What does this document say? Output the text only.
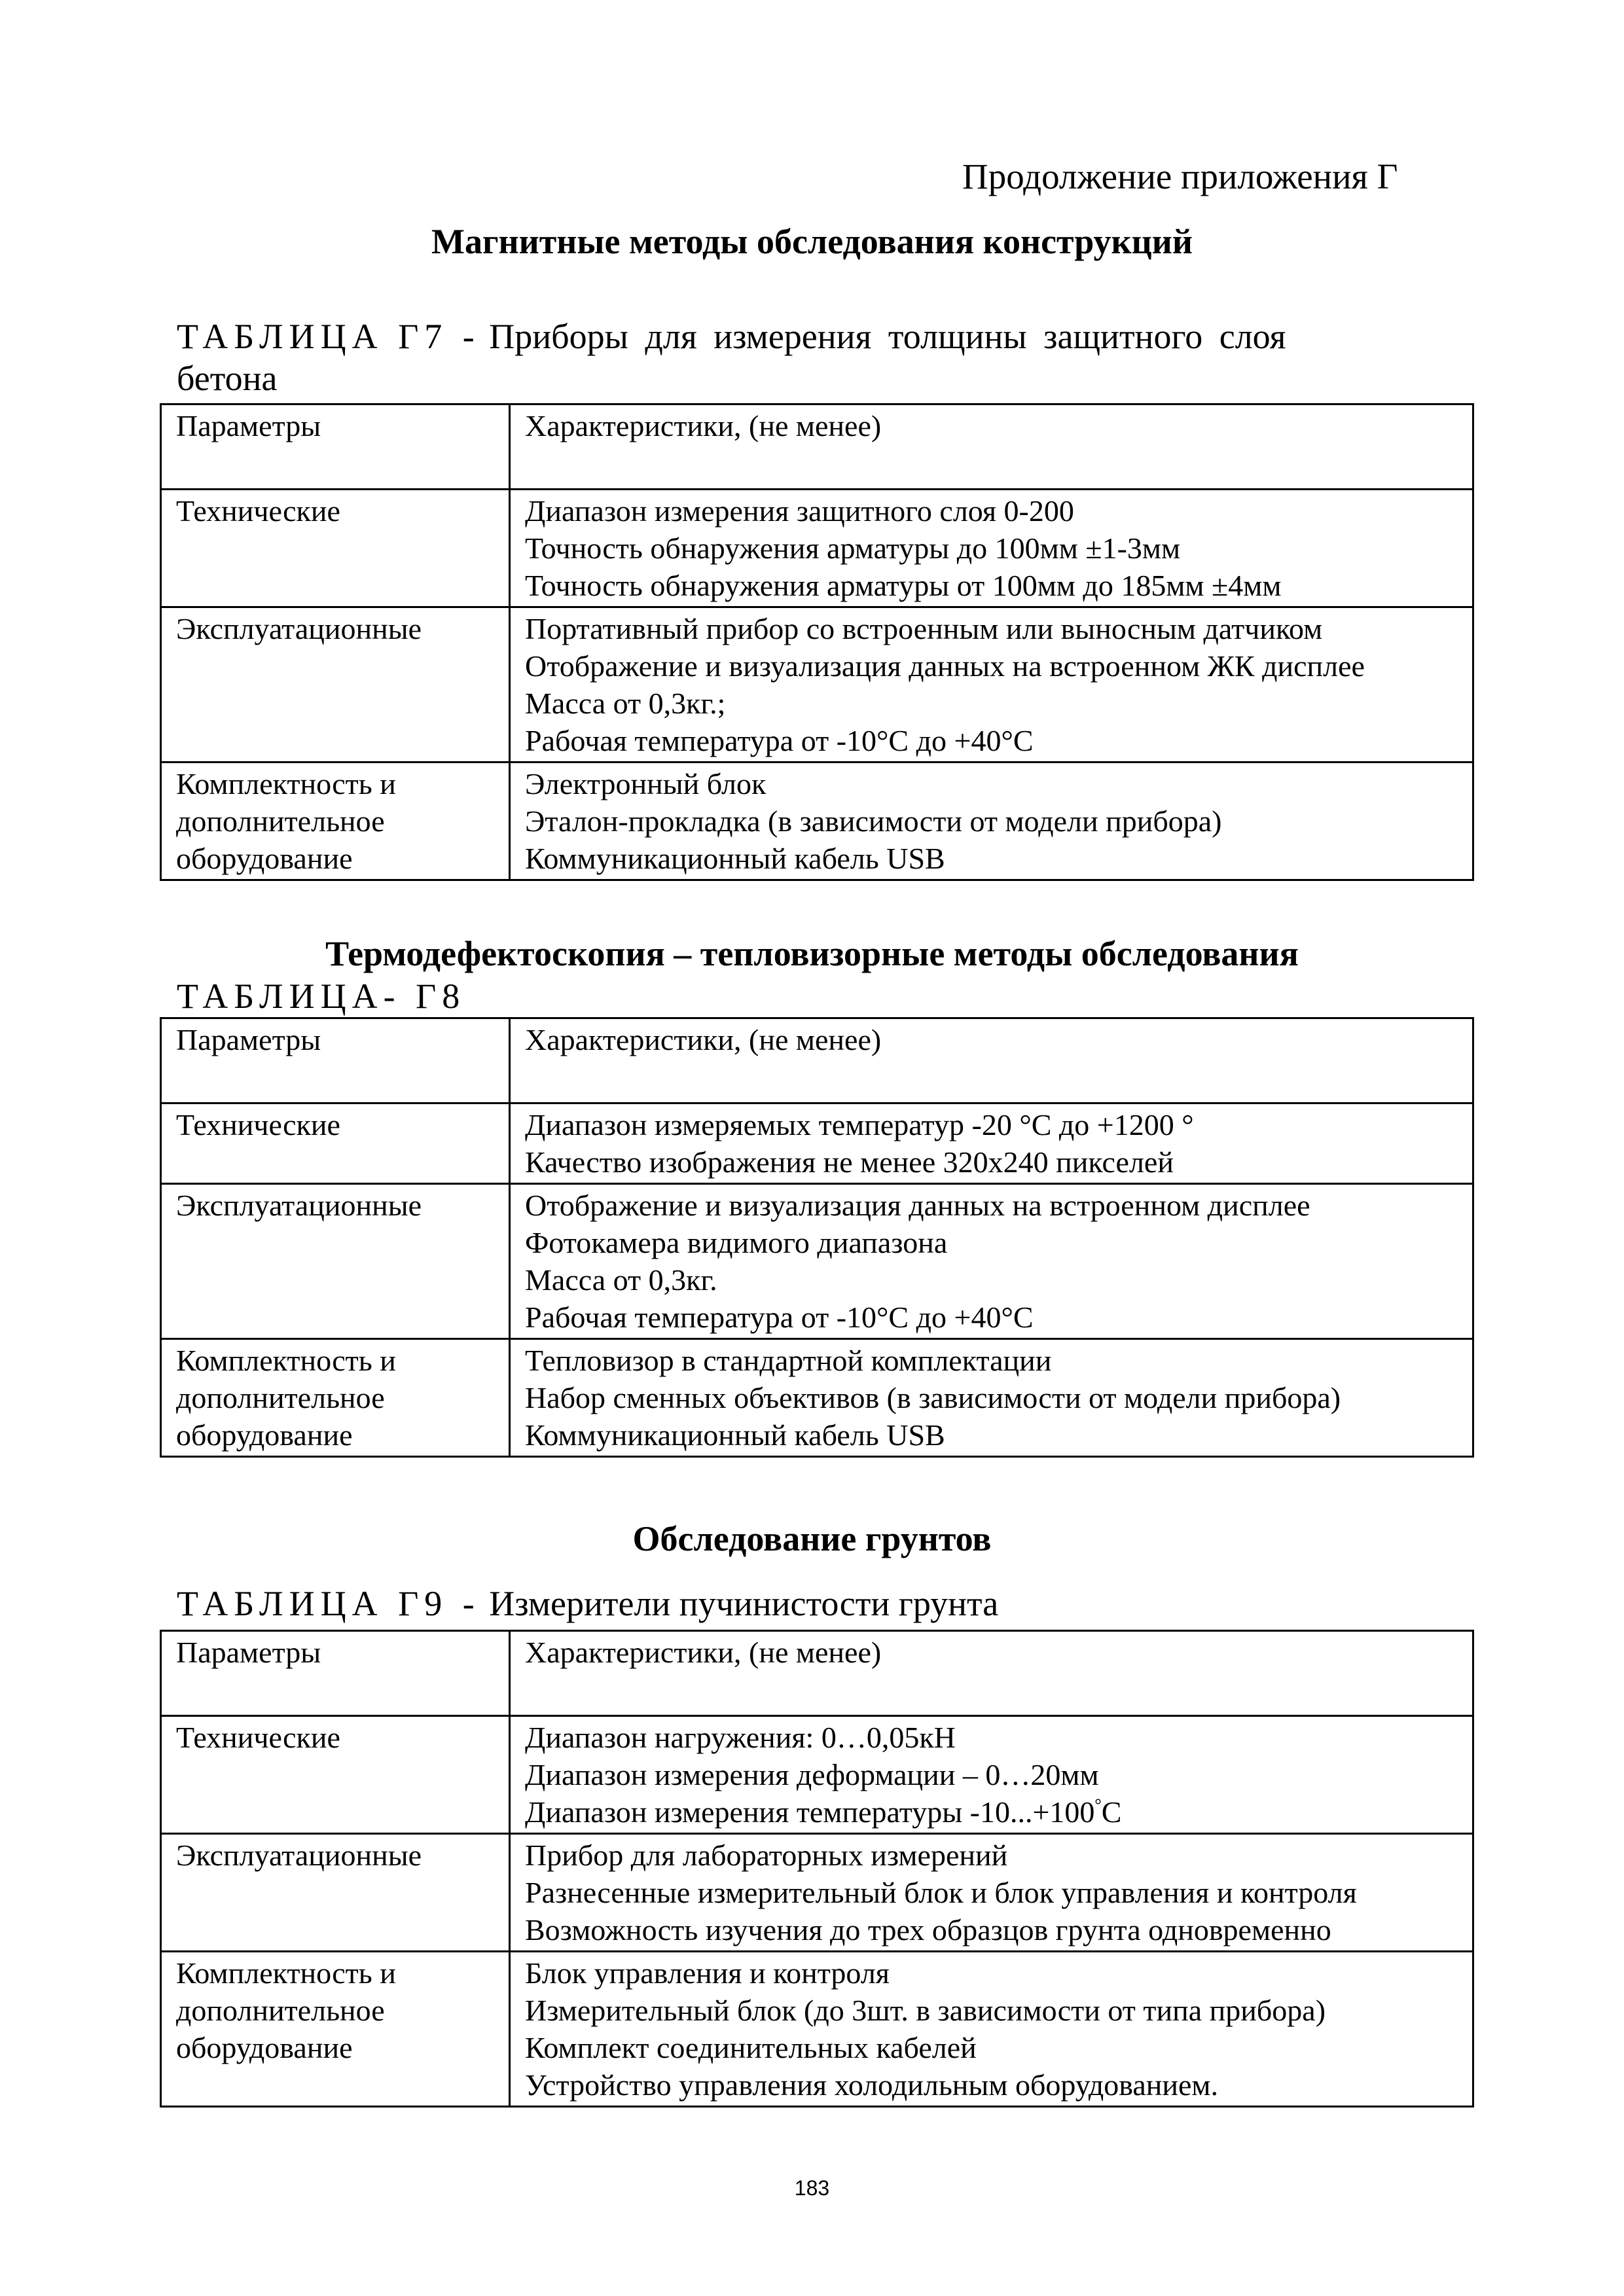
Продолжение приложения Г
Магнитные методы обследования конструкций
ТАБЛИЦА Г7 - Приборы для измерения толщины защитного слоя
бетона
Параметры	Характеристики, (не менее)

Технические	Диапазон измерения защитного слоя 0-200
Точность обнаружения арматуры до 100мм ±1-3мм
Точность обнаружения арматуры от 100мм до 185мм ±4мм

Эксплуатационные	Портативный прибор со встроенным или выносным датчиком
Отображение и визуализация данных на встроенном ЖК дисплее
Масса от 0,3кг.;
Рабочая температура от -10°С до +40°С

Комплектность и
дополнительное
оборудование	Электронный блок
Эталон-прокладка (в зависимости от модели прибора)
Коммуникационный кабель USB
Термодефектоскопия – тепловизорные методы обследования
ТАБЛИЦА- Г8
Параметры	Характеристики, (не менее)

Технические	Диапазон измеряемых температур -20 °С до +1200 °
Качество изображения не менее 320х240 пикселей

Эксплуатационные	Отображение и визуализация данных на встроенном дисплее
Фотокамера видимого диапазона
Масса от 0,3кг.
Рабочая температура от -10°С до +40°С

Комплектность и
дополнительное
оборудование	Тепловизор в стандартной комплектации
Набор сменных объективов (в зависимости от модели прибора)
Коммуникационный кабель USB
Обследование грунтов
ТАБЛИЦА Г9 - Измерители пучинистости грунта
Параметры	Характеристики, (не менее)

Технические	Диапазон нагружения: 0…0,05кН
Диапазон измерения деформации – 0…20мм
Диапазон измерения температуры -10...+100°С

Эксплуатационные	Прибор для лабораторных измерений
Разнесенные измерительный блок и блок управления и контроля
Возможность изучения до трех образцов грунта одновременно

Комплектность и
дополнительное
оборудование	Блок управления и контроля
Измерительный блок (до 3шт. в зависимости от типа прибора)
Комплект соединительных кабелей
Устройство управления холодильным оборудованием.
183
